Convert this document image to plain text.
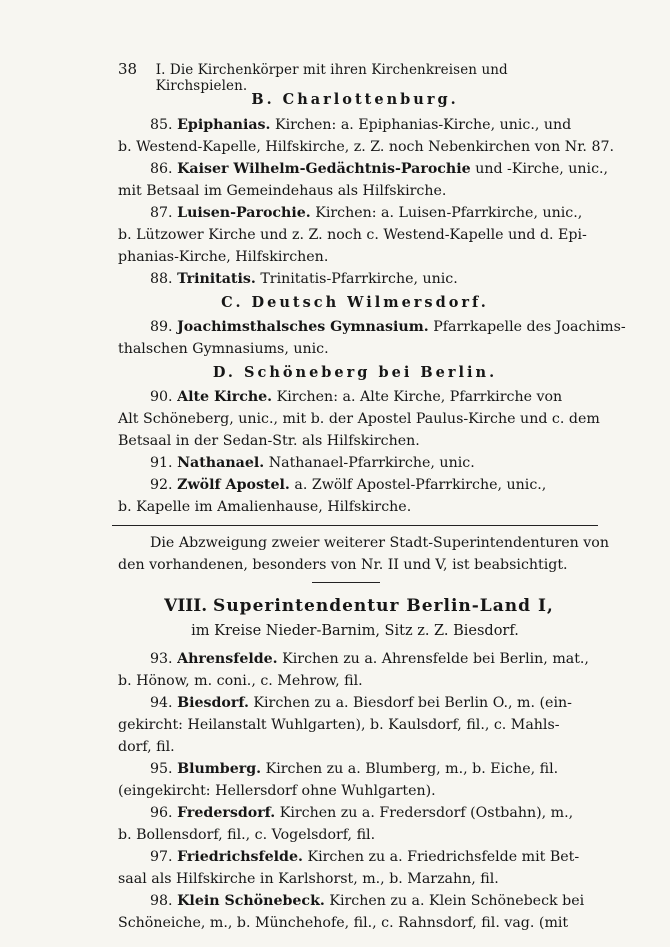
38	I. Die Kirchenkörper mit ihren Kirchenkreisen und Kirchspielen.
B. Charlottenburg.
85. Epiphanias. Kirchen: a. Epiphanias-Kirche, unic., und
b. Westend-Kapelle, Hilfskirche, z. Z. noch Nebenkirchen von Nr. 87.
86. Kaiser Wilhelm-Gedächtnis-Parochie und -Kirche, unic.,
mit Betsaal im Gemeindehaus als Hilfskirche.
87. Luisen-Parochie. Kirchen: a. Luisen-Pfarrkirche, unic.,
b. Lützower Kirche und z. Z. noch c. Westend-Kapelle und d. Epi-
phanias-Kirche, Hilfskirchen.
88. Trinitatis. Trinitatis-Pfarrkirche, unic.
C. Deutsch Wilmersdorf.
89. Joachimsthalsches Gymnasium. Pfarrkapelle des Joachims-
thalschen Gymnasiums, unic.
D. Schöneberg bei Berlin.
90. Alte Kirche. Kirchen: a. Alte Kirche, Pfarrkirche von
Alt Schöneberg, unic., mit b. der Apostel Paulus-Kirche und c. dem
Betsaal in der Sedan-Str. als Hilfskirchen.
91. Nathanael. Nathanael-Pfarrkirche, unic.
92. Zwölf Apostel. a. Zwölf Apostel-Pfarrkirche, unic.,
b. Kapelle im Amalienhause, Hilfskirche.
Die Abzweigung zweier weiterer Stadt-Superintendenturen von
den vorhandenen, besonders von Nr. II und V, ist beabsichtigt.
VIII. Superintendentur Berlin-Land I,
im Kreise Nieder-Barnim, Sitz z. Z. Biesdorf.
93. Ahrensfelde. Kirchen zu a. Ahrensfelde bei Berlin, mat.,
b. Hönow, m. coni., c. Mehrow, fil.
94. Biesdorf. Kirchen zu a. Biesdorf bei Berlin O., m. (ein-
gekircht: Heilanstalt Wuhlgarten), b. Kaulsdorf, fil., c. Mahls-
dorf, fil.
95. Blumberg. Kirchen zu a. Blumberg, m., b. Eiche, fil.
(eingekircht: Hellersdorf ohne Wuhlgarten).
96. Fredersdorf. Kirchen zu a. Fredersdorf (Ostbahn), m.,
b. Bollensdorf, fil., c. Vogelsdorf, fil.
97. Friedrichsfelde. Kirchen zu a. Friedrichsfelde mit Bet-
saal als Hilfskirche in Karlshorst, m., b. Marzahn, fil.
98. Klein Schönebeck. Kirchen zu a. Klein Schönebeck bei
Schöneiche, m., b. Münchehofe, fil., c. Rahnsdorf, fil. vag. (mit
